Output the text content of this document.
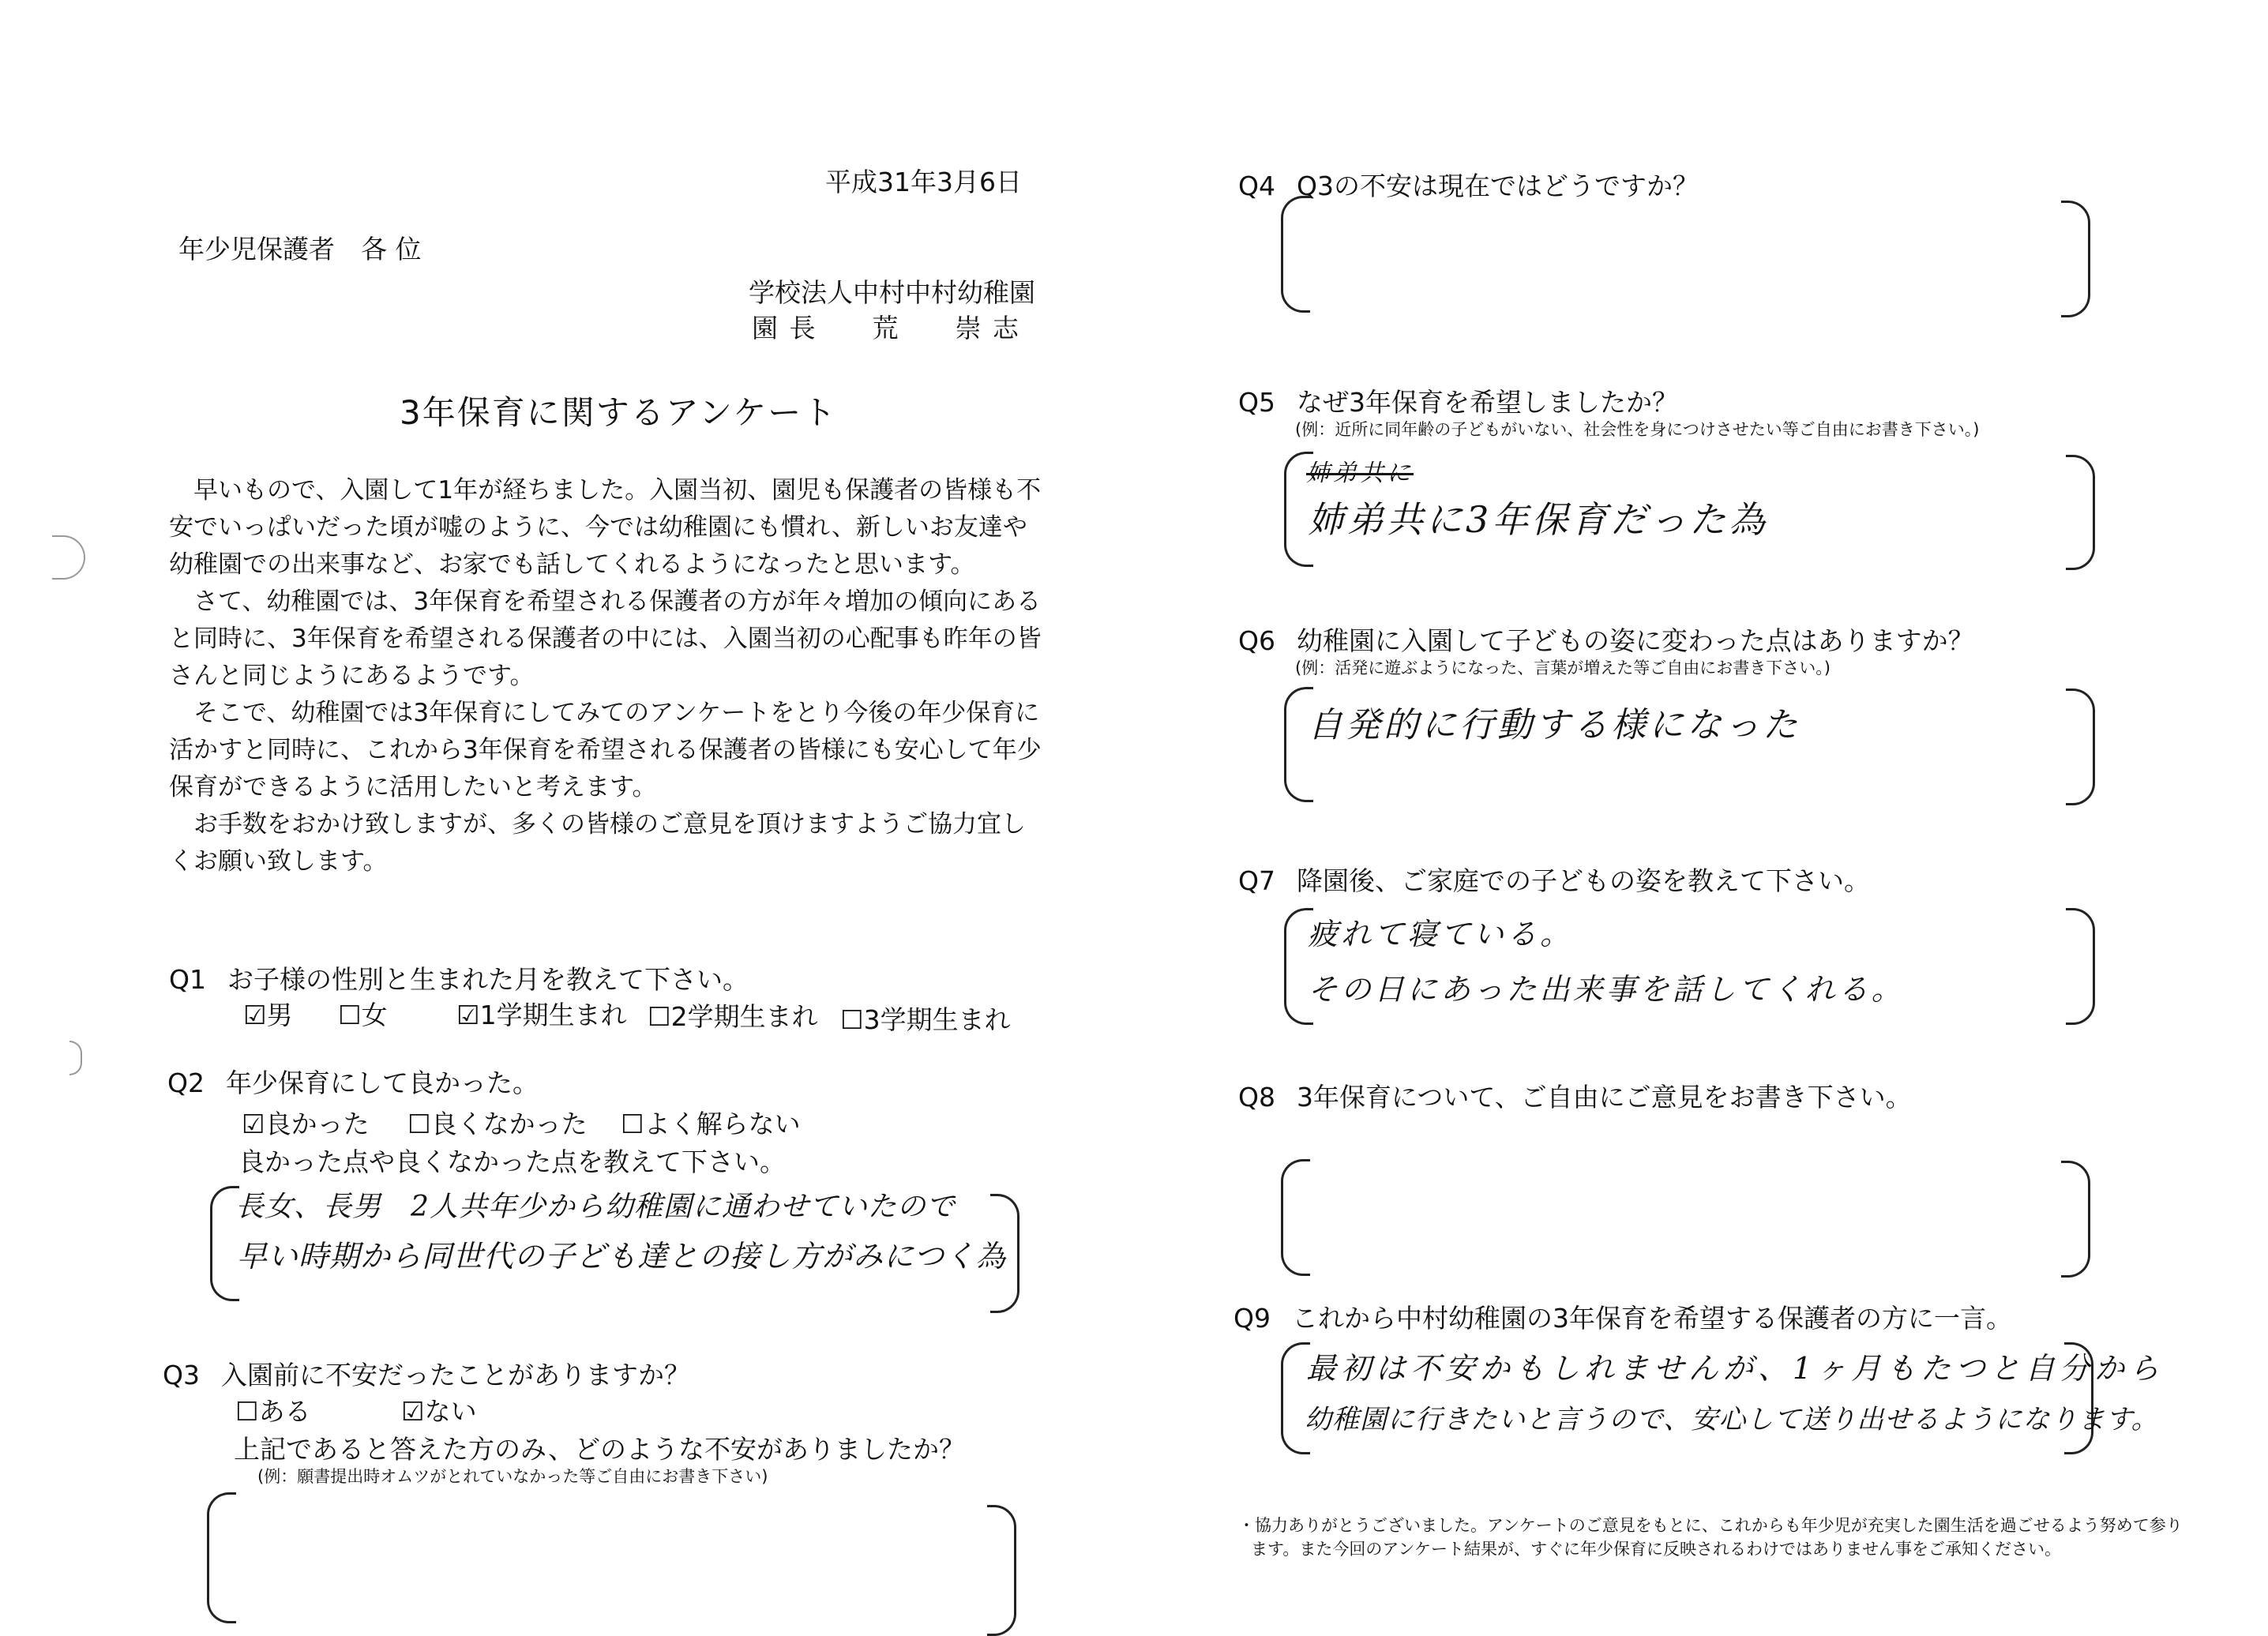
平成31年3月6日
年少児保護者　各 位
学校法人中村中村幼稚園
園 長　　荒　　崇 志
3年保育に関するアンケート

早いもので、入園して1年が経ちました。入園当初、園児も保護者の皆様も不安でいっぱいだった頃が嘘のように、今では幼稚園にも慣れ、新しいお友達や幼稚園での出来事など、お家でも話してくれるようになったと思います。

さて、幼稚園では、3年保育を希望される保護者の方が年々増加の傾向にあると同時に、3年保育を希望される保護者の中には、入園当初の心配事も昨年の皆さんと同じようにあるようです。

そこで、幼稚園では3年保育にしてみてのアンケートをとり今後の年少保育に活かすと同時に、これから3年保育を希望される保護者の皆様にも安心して年少保育ができるように活用したいと考えます。

お手数をおかけ致しますが、多くの皆様のご意見を頂けますようご協力宜しくお願い致します。

Q1 お子様の性別と生まれた月を教えて下さい。
☑男 ☐女	☑1学期生まれ ☐2学期生まれ ☐3学期生まれ
Q2 年少保育にして良かった。
☑良かった ☐良くなかった ☐よく解らない
良かった点や良くなかった点を教えて下さい。
長女、長男　2人共年少から幼稚園に通わせていたので
早い時期から同世代の子ども達との接し方がみにつく為
Q3 入園前に不安だったことがありますか？
☐ある	☑ない
上記であると答えた方のみ、どのような不安がありましたか？
(例：願書提出時オムツがとれていなかった等ご自由にお書き下さい)
Q4 Q3の不安は現在ではどうですか？
Q5 なぜ3年保育を希望しましたか？
(例：近所に同年齢の子どもがいない、社会性を身につけさせたい等ご自由にお書き下さい。)
姉弟共に
姉弟共に3年保育だった為
Q6 幼稚園に入園して子どもの姿に変わった点はありますか？
(例：活発に遊ぶようになった、言葉が増えた等ご自由にお書き下さい。)
自発的に行動する様になった
Q7 降園後、ご家庭での子どもの姿を教えて下さい。
疲れて寝ている。
その日にあった出来事を話してくれる。
Q8 3年保育について、ご自由にご意見をお書き下さい。
Q9 これから中村幼稚園の3年保育を希望する保護者の方に一言。
最初は不安かもしれませんが、1ヶ月もたつと自分から
幼稚園に行きたいと言うので、安心して送り出せるようになります。
・協力ありがとうございました。アンケートのご意見をもとに、これからも年少児が充実した園生活を過ごせるよう努めて参り
ます。また今回のアンケート結果が、すぐに年少保育に反映されるわけではありません事をご承知ください。
